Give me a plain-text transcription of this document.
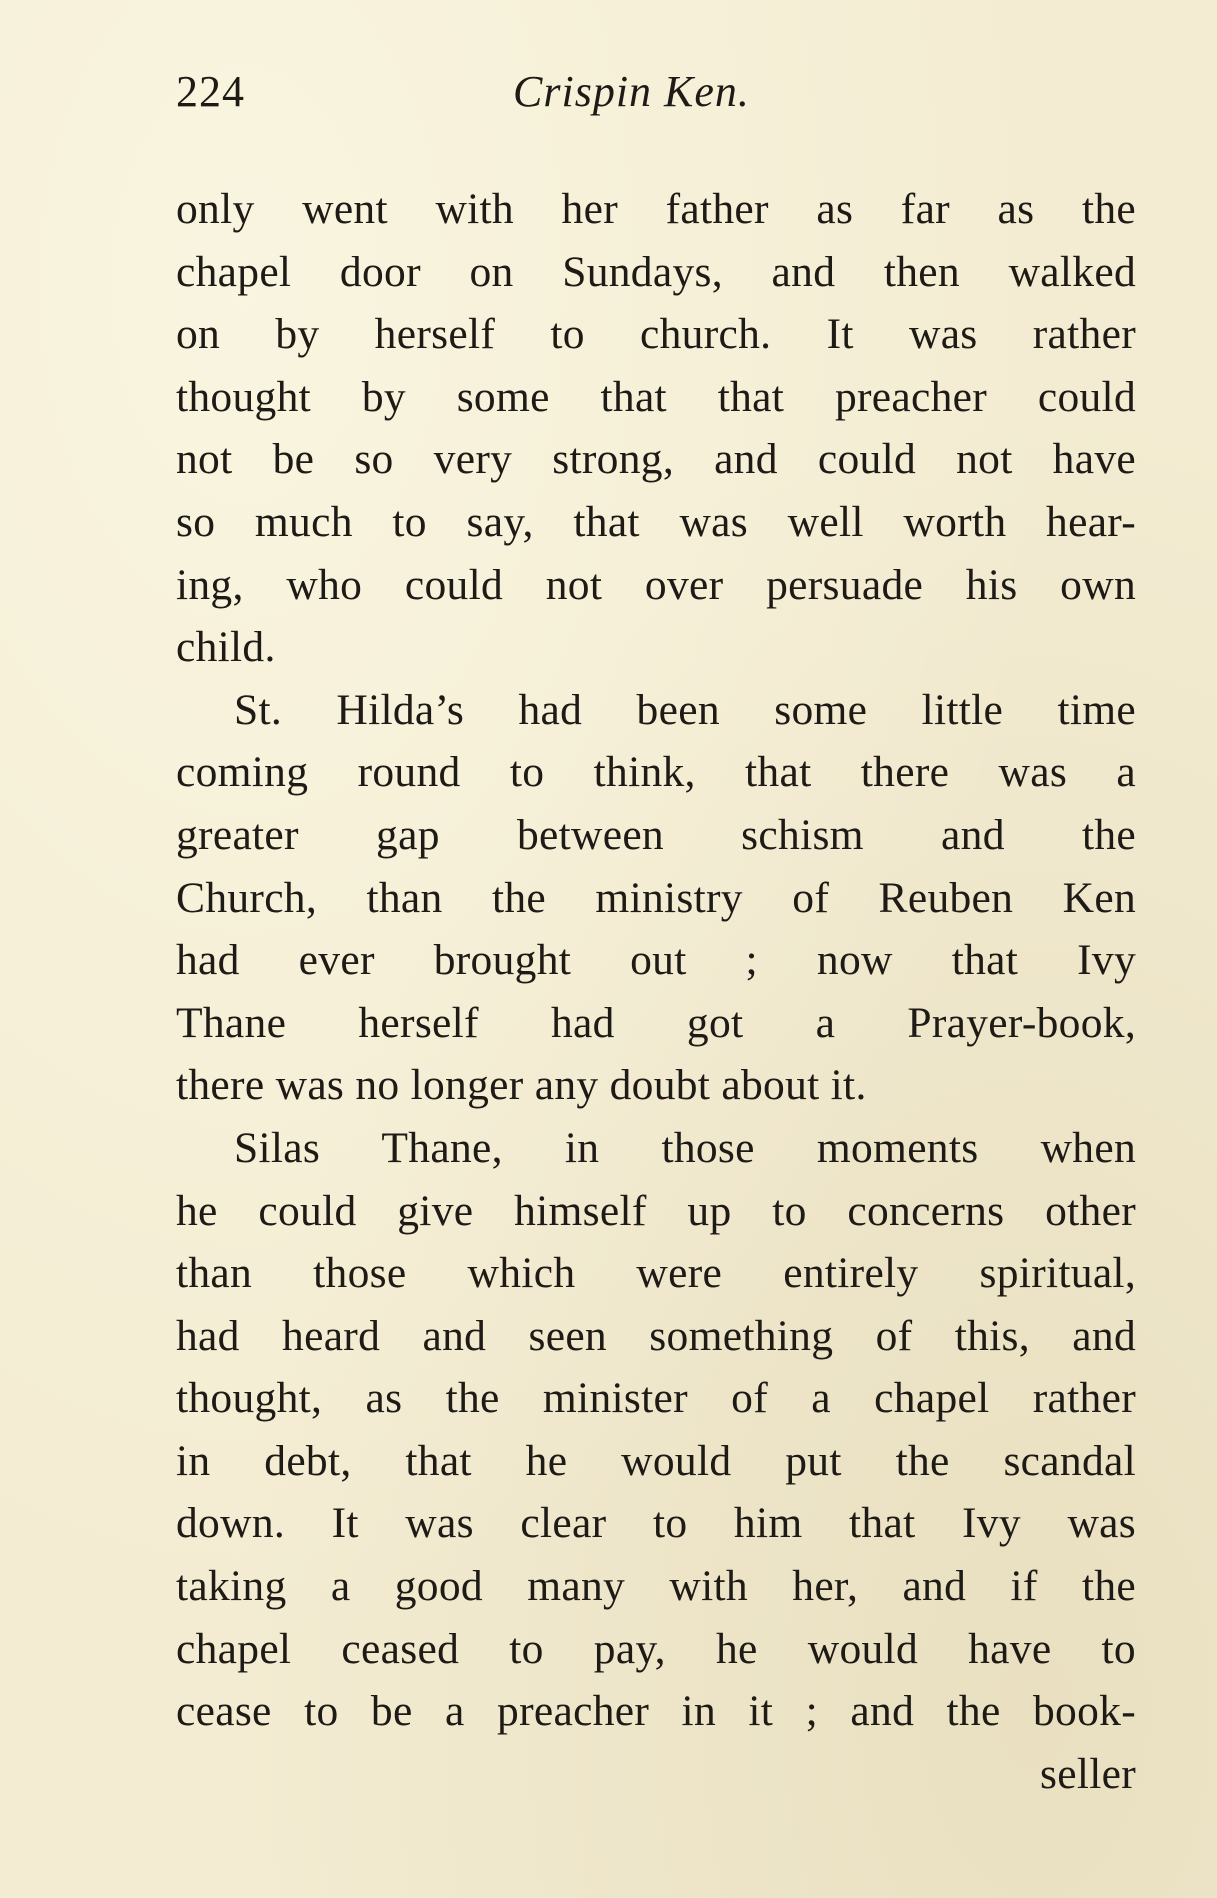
224	Crispin Ken.
only went with her father as far as the
chapel door on Sundays, and then walked
on by herself to church. It was rather
thought by some that that preacher could
not be so very strong, and could not have
so much to say, that was well worth hear-
ing, who could not over persuade his own
child.
St. Hilda’s had been some little time
coming round to think, that there was a
greater gap between schism and the
Church, than the ministry of Reuben Ken
had ever brought out ; now that Ivy
Thane herself had got a Prayer-book,
there was no longer any doubt about it.
Silas Thane, in those moments when
he could give himself up to concerns other
than those which were entirely spiritual,
had heard and seen something of this, and
thought, as the minister of a chapel rather
in debt, that he would put the scandal
down. It was clear to him that Ivy was
taking a good many with her, and if the
chapel ceased to pay, he would have to
cease to be a preacher in it ; and the book-
seller
